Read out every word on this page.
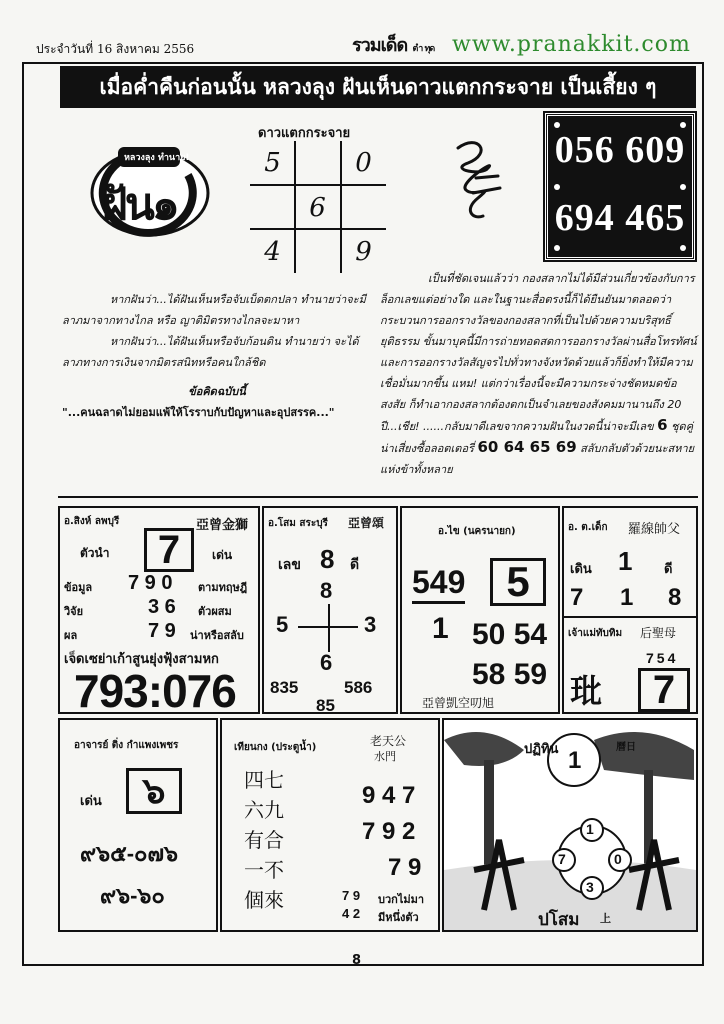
ประจำวันที่ 16 สิงหาคม 2556	รวมเด็ด ตำ ทุด www.pranakkit.com
เมื่อค่ำคืนก่อนนั้น หลวงลุง ฝันเห็นดาวแตกกระจาย เป็นเสี้ยง ๆ
หลวงลุง ทำนาย!
ฝัน๑
ดาวแตกกระจาย
5	0
6
4	9
056 609
694 465
หากฝันว่า...ได้ฝันเห็นหรือจับเบ็ดตกปลา ทำนายว่าจะมีลาภมาจากทางไกล หรือ ญาติมิตรทางไกลจะมาหา
หากฝันว่า...ได้ฝันเห็นหรือจับก้อนดิน ทำนายว่า จะได้ลาภทางการเงินจากมิตรสนิทหรือคนใกล้ชิด
ข้อคิดฉบับนี้
"...คนฉลาดไม่ยอมแพ้ให้โรราบกับปัญหาและอุปสรรค..."
เป็นที่ชัดเจนแล้วว่า กองสลากไม่ได้มีส่วนเกี่ยวข้องกับการล็อกเลขแต่อย่างใด และในฐานะสื่อตรงนี้ก็ได้ยืนยันมาตลอดว่า กระบวนการออกรางวัลของกองสลากที่เป็นไปด้วยความบริสุทธิ์ ยุติธรรม ขั้นมาบุคนี้มีการถ่ายทอดสดการออกรางวัลผ่านสื่อโทรทัศน์และการออกรางวัลสัญจรไปทั่วทางจังหวัดด้วยแล้วก็ยิ่งทำให้มีความเชื่อมั่นมากขึ้น แหม! แต่กว่าเรื่องนี้จะมีความกระจ่างชัดหมดข้อสงสัย ก็ทำเอากองสลากต้องตกเป็นจำเลยของสังคมมานานถึง 20 ปี...เชีย! ......กลับมาดีเลขจากความฝันในงวดนี้น่าจะมีเลข 6 ชุดคู่น่าเสี่ยงซื้อลอตเตอรี่ 60 64 65 69 สลับกลับตัวด้วยนะสหายแห่งข้าทั้งหลาย
อ.สิงห์ ลพบุรี	亞曾金獅
ตัวนำ	7	เด่น
ข้อมูล 7 9 0 ตามทฤษฎี
วิจัย	3 6 ตัวผสม
ผล	7 9 น่าหรือสลับ
เจ็ดเซย่าเก้าสูนยุ่งฟุ้งสามหก
793:076
อ.โสม สระบุรี 亞曾頌
เลข 8 ดี
8
5	3
6
835	586
85
อ.ไข (นครนายก)
549 5
1 50 54
58 59
亞曾凱空叨旭
อ. ต.เด็ก 羅線帥父
เดิน 1 ดี
7 1 8
เจ้าแม่ทับทิม 后聖母
754
玭	7
อาจารย์ ติ่ง กำแพงเพชร
๖
เด่น
๙๖๕-๐๗๖
๙๖-๖๐
เทียนกง (ประตูน้ำ)	老天公
水門
四七
六九
有合
一不
個來
9 4 7
7 9 2
7 9
7 9 บวกไม่มา
4 2 มีหนึ่งตัว
ปฏิทิน	曆日
1
1
7	0
3
ปโสม 上
8
